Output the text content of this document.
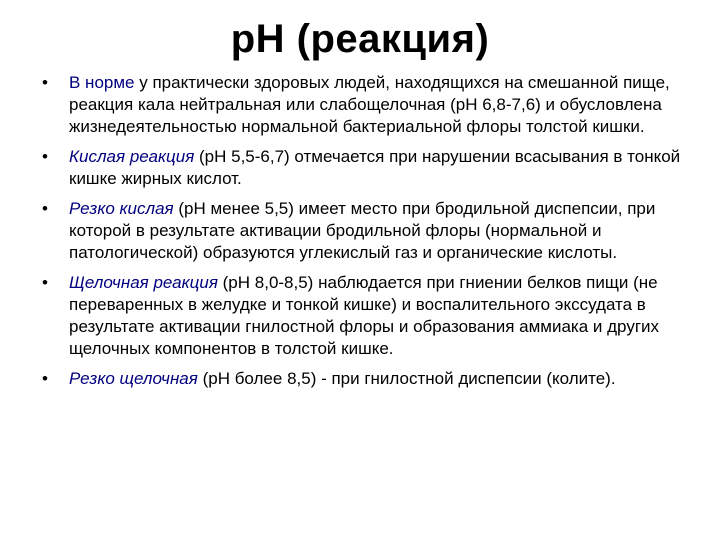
рН (реакция)
•	В норме у практически здоровых людей, находящихся на смешанной пище, реакция кала нейтральная или слабощелочная (рН 6,8-7,6) и обусловлена жизнедеятельностью нормальной бактериальной флоры толстой кишки.
•	Кислая реакция (рН 5,5-6,7) отмечается при нарушении всасывания в тонкой кишке жирных кислот.
•	Резко кислая (рН менее 5,5) имеет место при бродильной диспепсии, при которой в результате активации бродильной флоры (нормальной и патологической) образуются углекислый газ и органические кислоты.
•	Щелочная реакция (рН 8,0-8,5) наблюдается при гниении белков пищи (не переваренных в желудке и тонкой кишке) и воспалительного экссудата в результате активации гнилостной флоры и образования аммиака и других щелочных компонентов в толстой кишке.
•	Резко щелочная (рН более 8,5) - при гнилостной диспепсии (колите).
